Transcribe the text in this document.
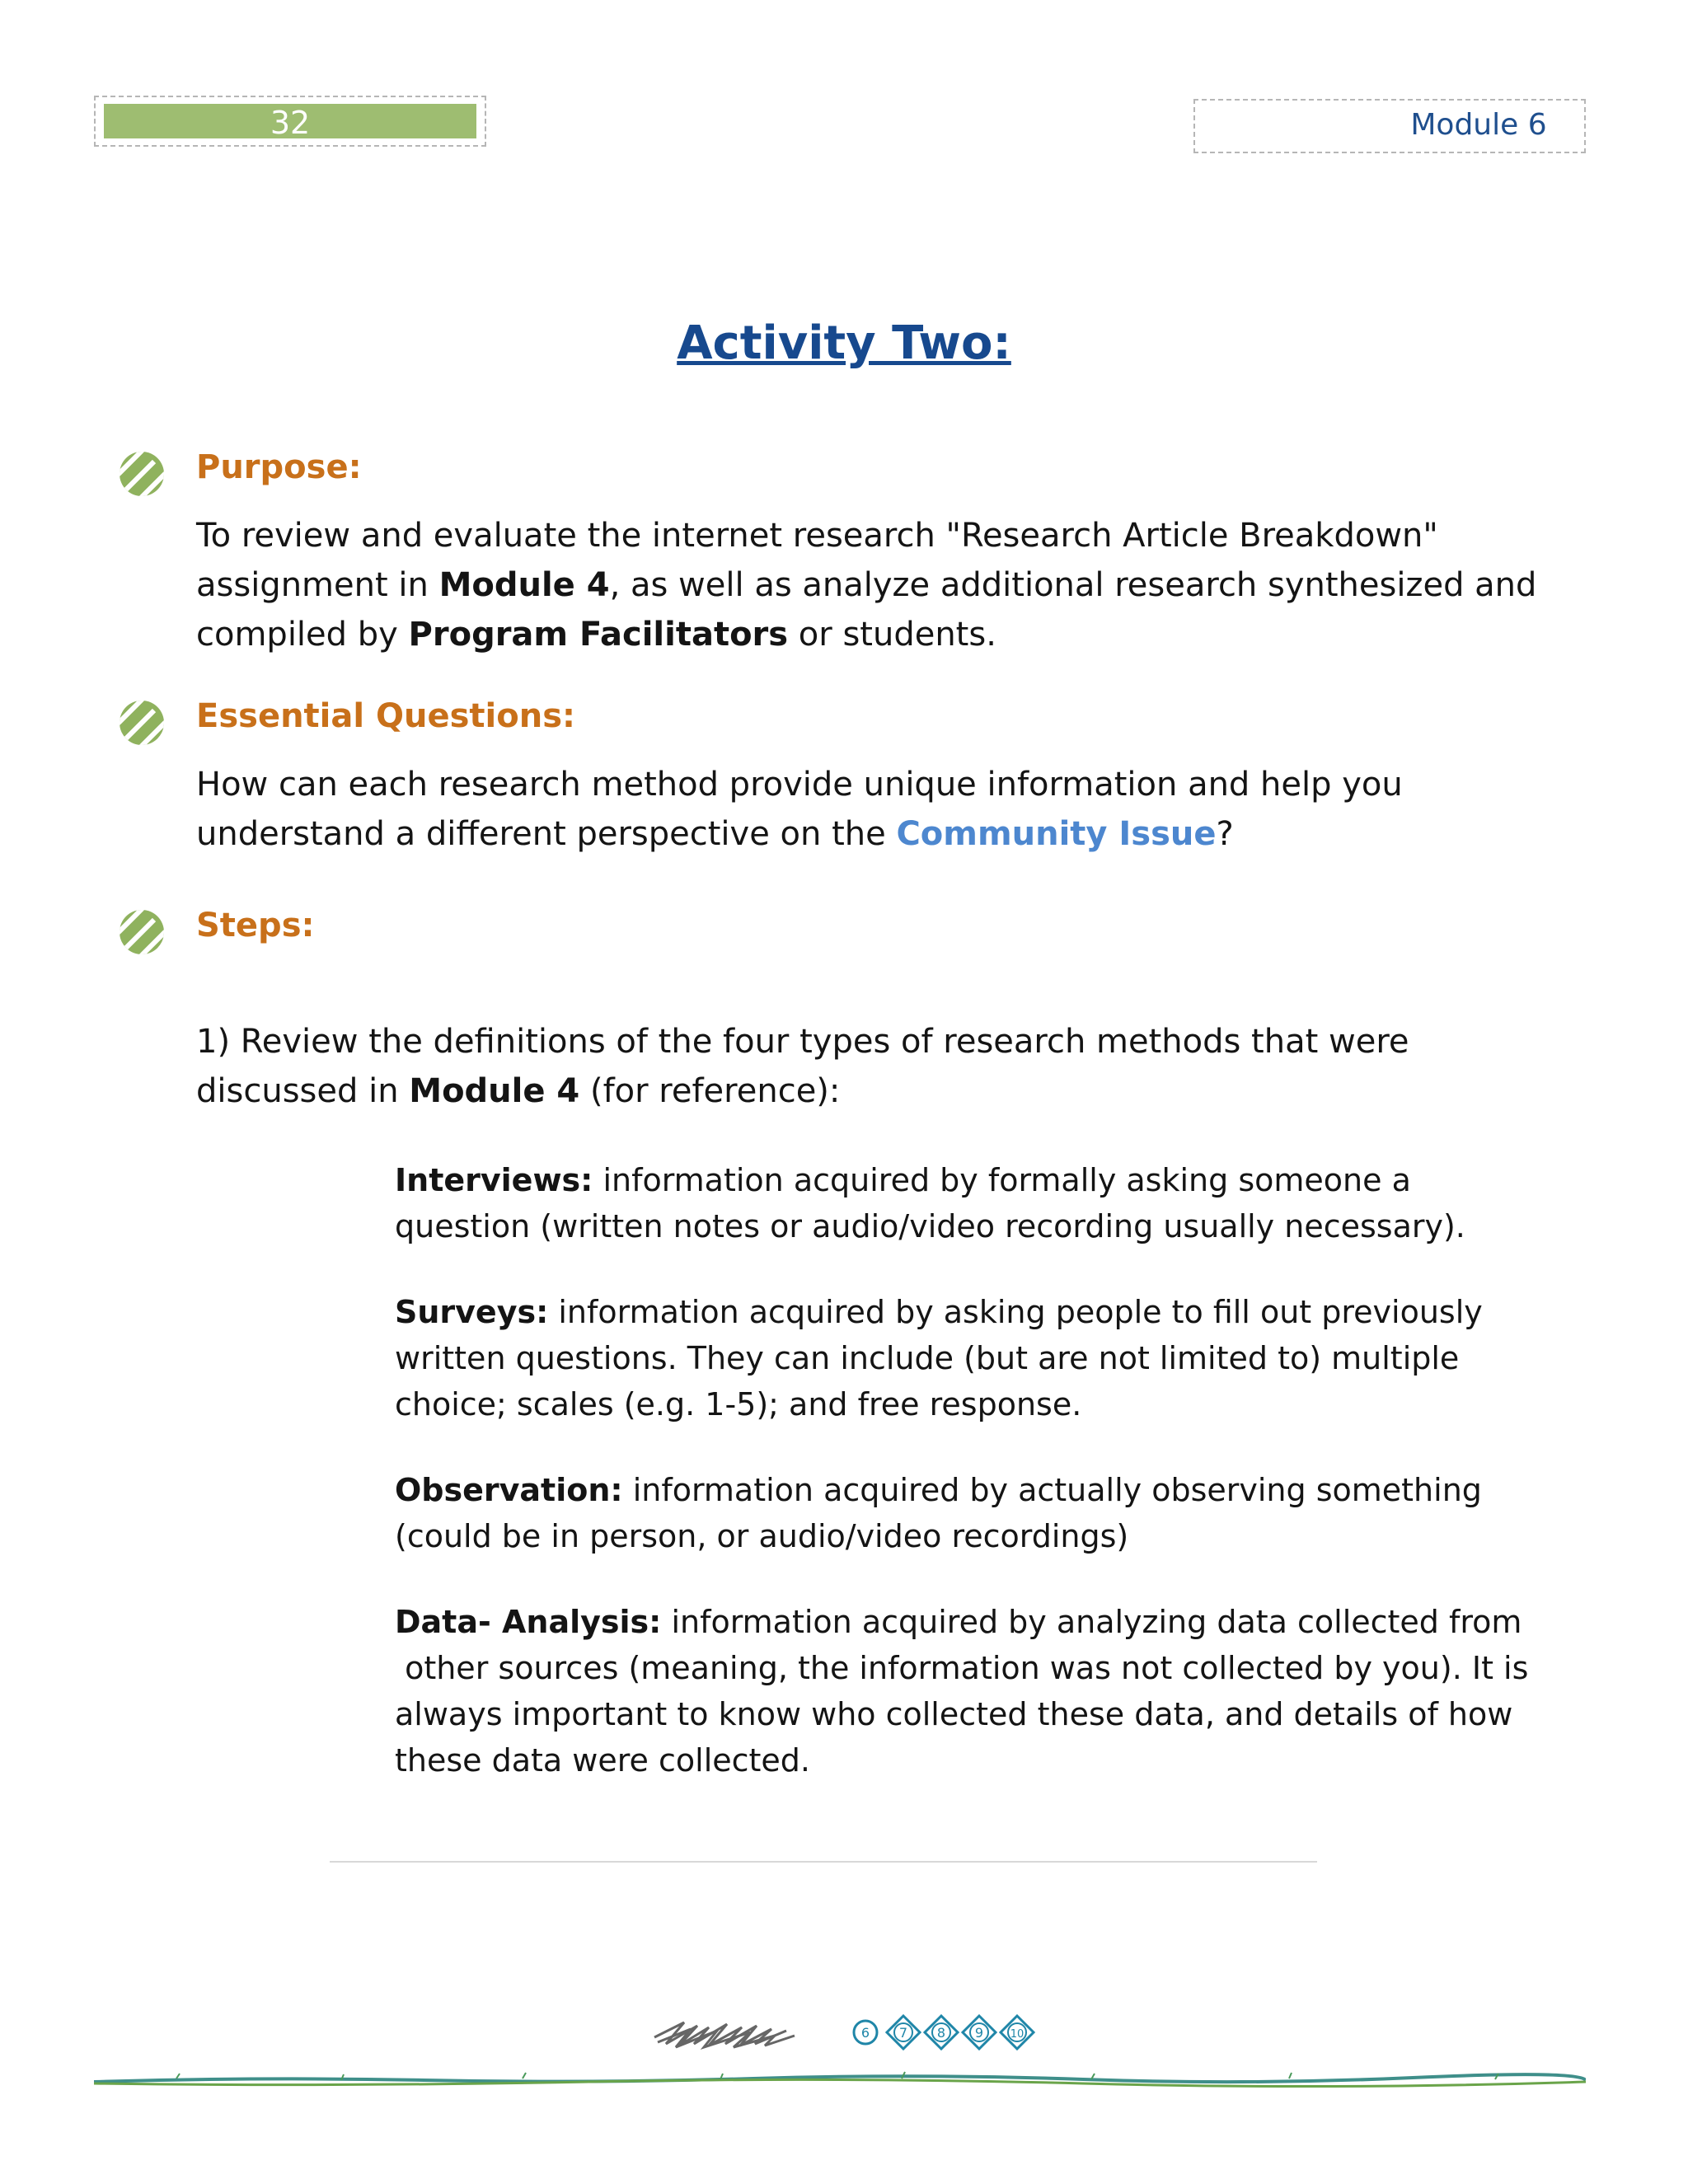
32	Module 6
Activity Two:
Purpose:
To review and evaluate the internet research "Research Article Breakdown"
assignment in Module 4, as well as analyze additional research synthesized and
compiled by Program Facilitators or students.
Essential Questions:
How can each research method provide unique information and help you
understand a different perspective on the Community Issue?
Steps:
1) Review the definitions of the four types of research methods that were
discussed in Module 4 (for reference):
Interviews: information acquired by formally asking someone a
question (written notes or audio/video recording usually necessary).
Surveys: information acquired by asking people to fill out previously
written questions. They can include (but are not limited to) multiple
choice; scales (e.g. 1-5); and free response.
Observation: information acquired by actually observing something
(could be in person, or audio/video recordings)
Data- Analysis: information acquired by analyzing data collected from
other sources (meaning, the information was not collected by you). It is
always important to know who collected these data, and details of how
these data were collected.
6 7 8 9	10
